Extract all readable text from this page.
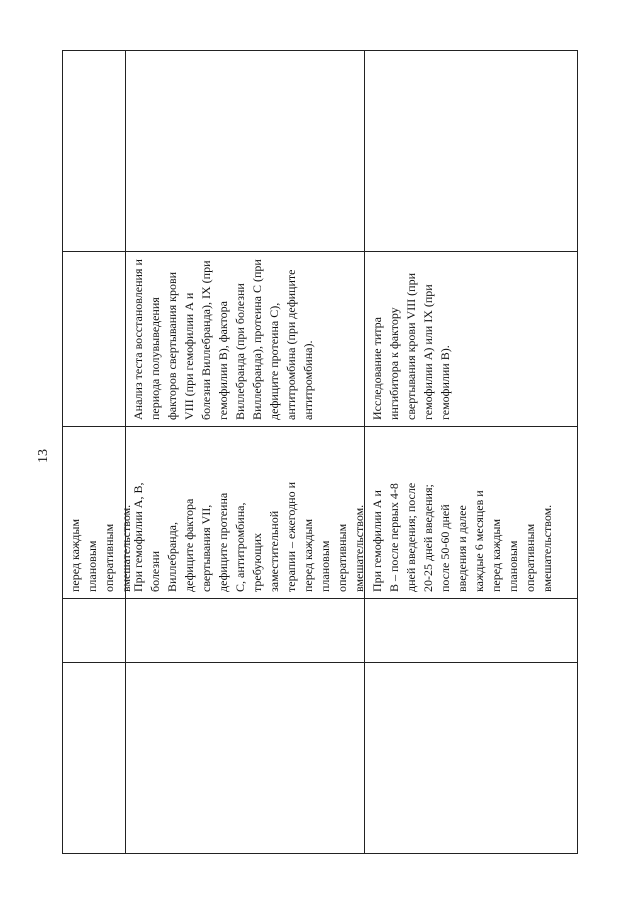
13
перед каждым плановым оперативным вмешательством.
При гемофилии А, В, болезни Виллебранда, дефиците фактора свертывания VII, дефиците протеина С, антитромбина, требующих заместительной терапии – ежегодно и перед каждым плановым оперативным вмешательством.
Анализ теста восстановления и периода полувыведения факторов свертывания крови VIII (при гемофилии А и болезни Виллебранда), IX (при гемофилии В), фактора Виллебранда (при болезни Виллебранда), протеина С (при дефиците протеина С), антитромбина (при дефиците антитромбина).
При гемофилии А и В – после первых 4-8 дней введения; после 20-25 дней введения; после 50-60 дней введения и далее каждые 6 месяцев и перед каждым плановым оперативным вмешательством.
Исследование титра ингибитора к фактору свертывания крови VIII (при гемофилии А) или IX (при гемофилии В).
